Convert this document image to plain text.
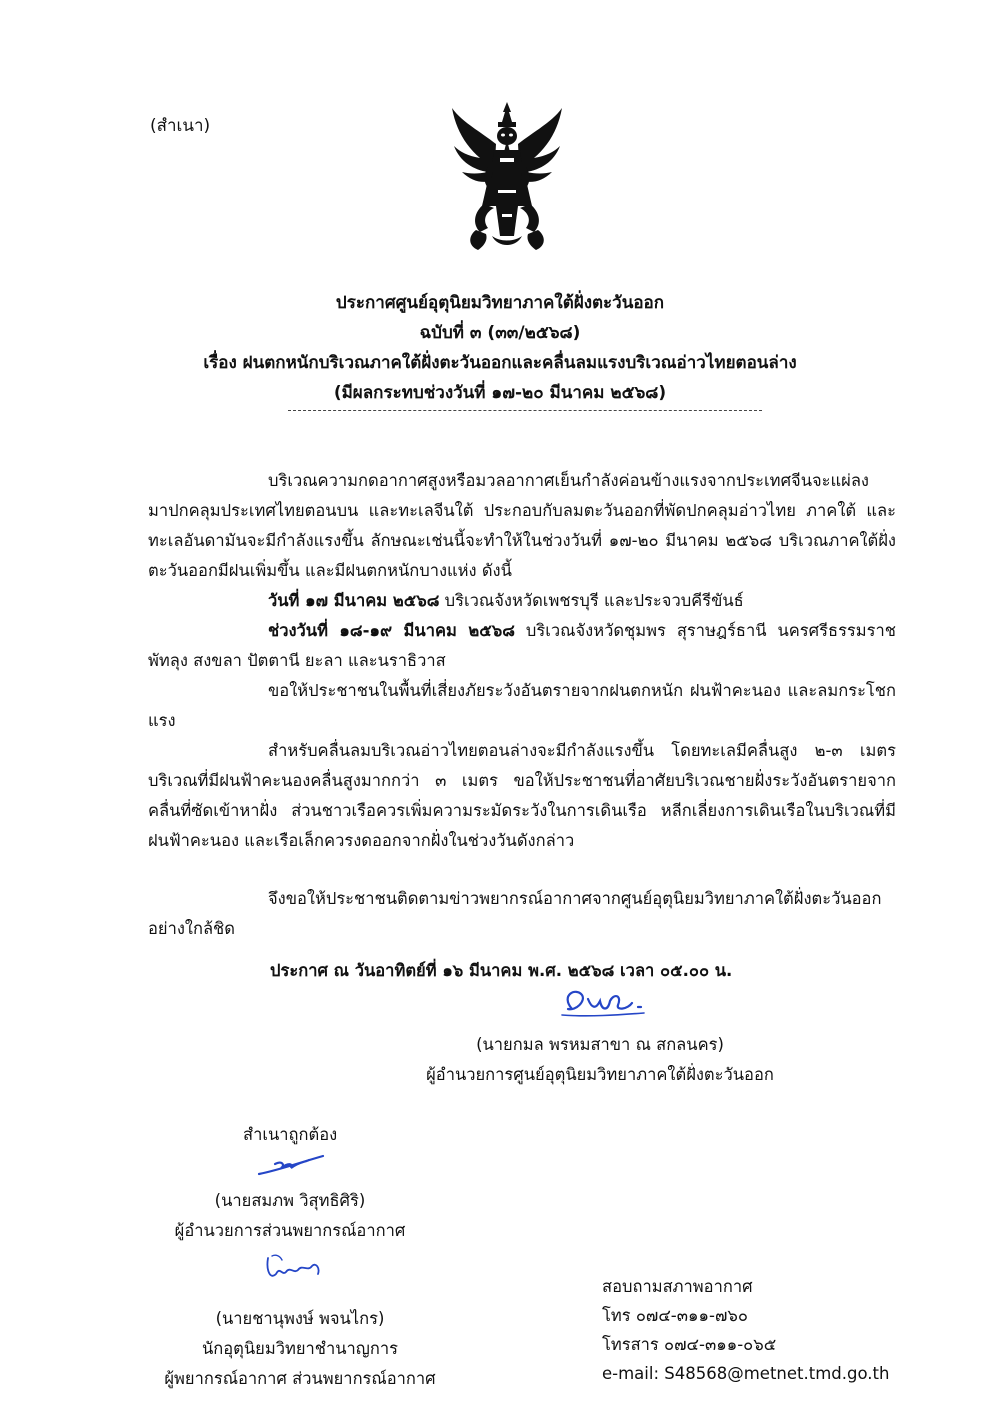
(สำเนา)
ประกาศศูนย์อุตุนิยมวิทยาภาคใต้ฝั่งตะวันออก
ฉบับที่ ๓ (๓๓/๒๕๖๘)
เรื่อง ฝนตกหนักบริเวณภาคใต้ฝั่งตะวันออกและคลื่นลมแรงบริเวณอ่าวไทยตอนล่าง
(มีผลกระทบช่วงวันที่ ๑๗-๒๐ มีนาคม ๒๕๖๘)

บริเวณความกดอากาศสูงหรือมวลอากาศเย็นกำลังค่อนข้างแรงจากประเทศจีนจะแผ่ลงมาปกคลุมประเทศไทยตอนบน และทะเลจีนใต้ ประกอบกับลมตะวันออกที่พัดปกคลุมอ่าวไทย ภาคใต้ และทะเลอันดามันจะมีกำลังแรงขึ้น ลักษณะเช่นนี้จะทำให้ในช่วงวันที่ ๑๗-๒๐ มีนาคม ๒๕๖๘ บริเวณภาคใต้ฝั่งตะวันออกมีฝนเพิ่มขึ้น และมีฝนตกหนักบางแห่ง ดังนี้

วันที่ ๑๗ มีนาคม ๒๕๖๘ บริเวณจังหวัดเพชรบุรี และประจวบคีรีขันธ์

ช่วงวันที่ ๑๘-๑๙ มีนาคม ๒๕๖๘ บริเวณจังหวัดชุมพร สุราษฎร์ธานี นครศรีธรรมราช พัทลุง สงขลา ปัตตานี ยะลา และนราธิวาส

ขอให้ประชาชนในพื้นที่เสี่ยงภัยระวังอันตรายจากฝนตกหนัก ฝนฟ้าคะนอง และลมกระโชกแรง

สำหรับคลื่นลมบริเวณอ่าวไทยตอนล่างจะมีกำลังแรงขึ้น โดยทะเลมีคลื่นสูง ๒-๓ เมตร บริเวณที่มีฝนฟ้าคะนองคลื่นสูงมากกว่า ๓ เมตร ขอให้ประชาชนที่อาศัยบริเวณชายฝั่งระวังอันตรายจากคลื่นที่ซัดเข้าหาฝั่ง ส่วนชาวเรือควรเพิ่มความระมัดระวังในการเดินเรือ หลีกเลี่ยงการเดินเรือในบริเวณที่มีฝนฟ้าคะนอง และเรือเล็กควรงดออกจากฝั่งในช่วงวันดังกล่าว

จึงขอให้ประชาชนติดตามข่าวพยากรณ์อากาศจากศูนย์อุตุนิยมวิทยาภาคใต้ฝั่งตะวันออกอย่างใกล้ชิด

ประกาศ ณ วันอาทิตย์ที่ ๑๖ มีนาคม พ.ศ. ๒๕๖๘ เวลา ๐๕.๐๐ น.
(นายกมล พรหมสาขา ณ สกลนคร)
ผู้อำนวยการศูนย์อุตุนิยมวิทยาภาคใต้ฝั่งตะวันออก
สำเนาถูกต้อง
(นายสมภพ วิสุทธิศิริ)
ผู้อำนวยการส่วนพยากรณ์อากาศ
(นายชานุพงษ์ พจนไกร)
นักอุตุนิยมวิทยาชำนาญการ
ผู้พยากรณ์อากาศ ส่วนพยากรณ์อากาศ
สอบถามสภาพอากาศ
โทร ๐๗๔-๓๑๑-๗๖๐
โทรสาร ๐๗๔-๓๑๑-๐๖๕
e-mail: S48568@metnet.tmd.go.th
